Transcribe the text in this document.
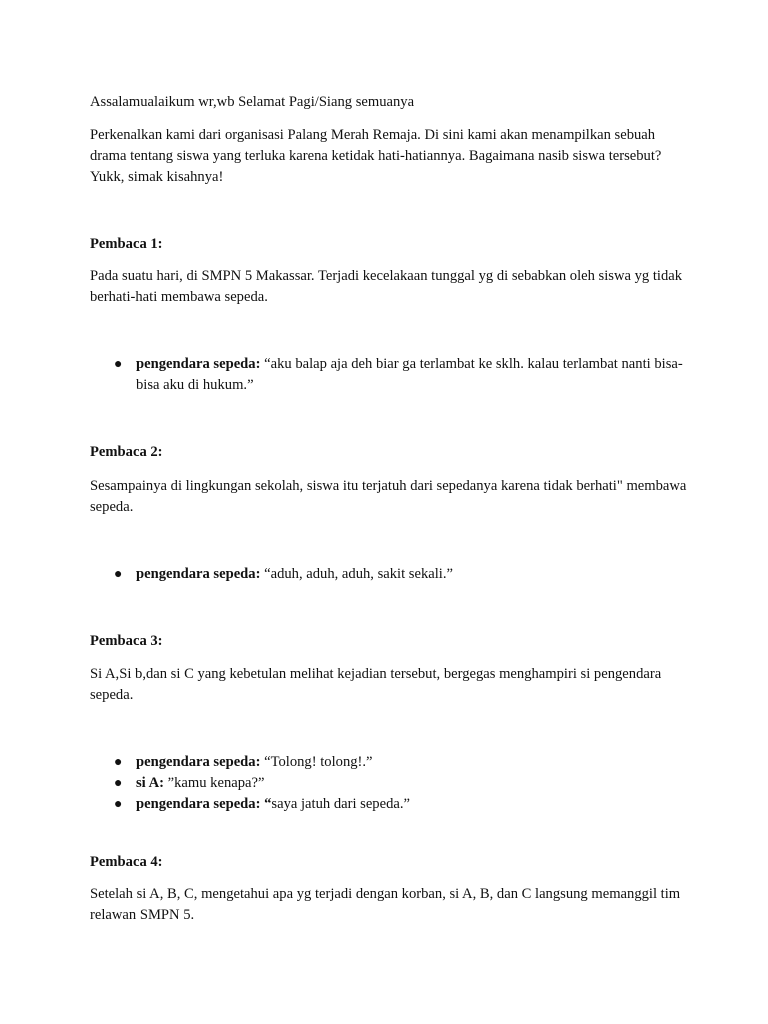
Assalamualaikum wr,wb Selamat Pagi/Siang semuanya

Perkenalkan kami dari organisasi Palang Merah Remaja. Di sini kami akan menampilkan sebuah drama tentang siswa yang terluka karena ketidak hati-hatiannya. Bagaimana nasib siswa tersebut? Yukk, simak kisahnya!

Pembaca 1:

Pada suatu hari, di SMPN 5 Makassar. Terjadi kecelakaan tunggal yg di sebabkan oleh siswa yg tidak berhati-hati membawa sepeda.

● pengendara sepeda: “aku balap aja deh biar ga terlambat ke sklh. kalau terlambat nanti bisa-bisa aku di hukum.”

Pembaca 2:

Sesampainya di lingkungan sekolah, siswa itu terjatuh dari sepedanya karena tidak berhati" membawa sepeda.

● pengendara sepeda: “aduh, aduh, aduh, sakit sekali.”

Pembaca 3:

Si A,Si b,dan si C yang kebetulan melihat kejadian tersebut, bergegas menghampiri si pengendara sepeda.

● pengendara sepeda: “Tolong! tolong!.”
● si A: ”kamu kenapa?”
● pengendara sepeda: “saya jatuh dari sepeda.”

Pembaca 4:

Setelah si A, B, C, mengetahui apa yg terjadi dengan korban, si A, B, dan C langsung memanggil tim relawan SMPN 5.
